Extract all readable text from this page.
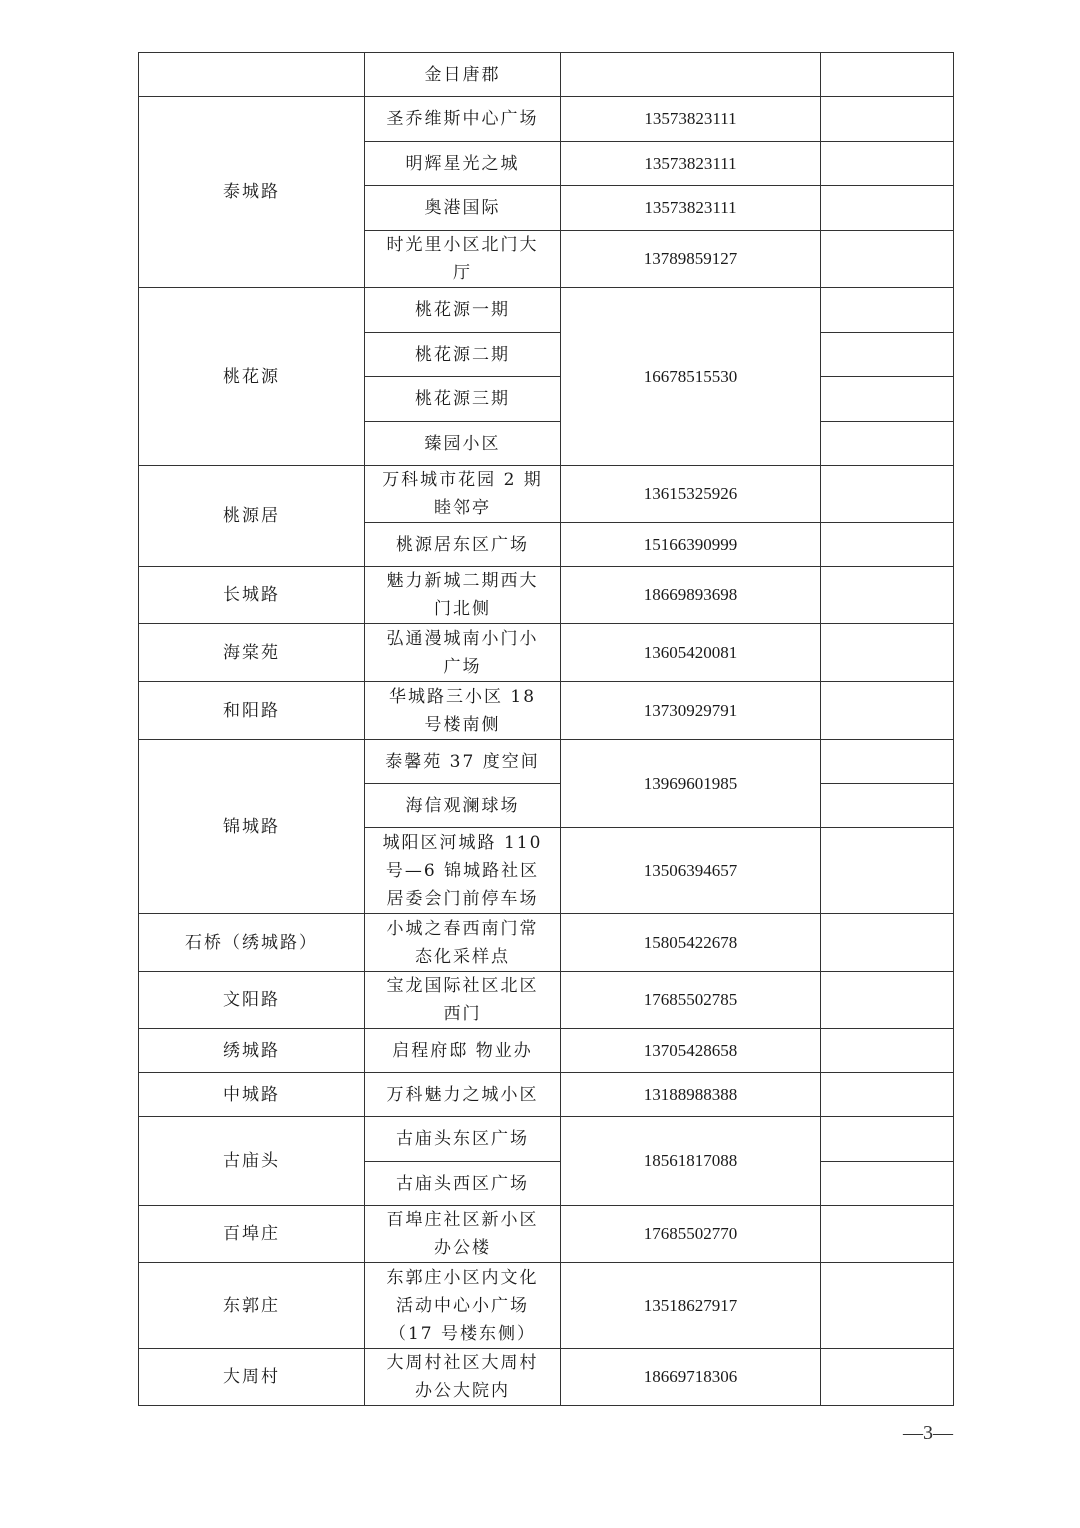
	金日唐郡		
泰城路	圣乔维斯中心广场	13573823111	
	明辉星光之城	13573823111	
	奥港国际	13573823111	
	时光里小区北门大厅	13789859127	
桃花源	桃花源一期	16678515530	
	桃花源二期		
	桃花源三期		
	臻园小区		
桃源居	万科城市花园 2 期睦邻亭	13615325926	
	桃源居东区广场	15166390999	
长城路	魅力新城二期西大门北侧	18669893698	
海棠苑	弘通漫城南小门小广场	13605420081	
和阳路	华城路三小区 18 号楼南侧	13730929791	
锦城路	泰馨苑 37 度空间	13969601985	
	海信观澜球场		
	城阳区河城路 110 号—6 锦城路社区居委会门前停车场	13506394657	
石桥（绣城路）	小城之春西南门常态化采样点	15805422678	
文阳路	宝龙国际社区北区西门	17685502785	
绣城路	启程府邸 物业办	13705428658	
中城路	万科魅力之城小区	13188988388	
古庙头	古庙头东区广场	18561817088	
	古庙头西区广场		
百埠庄	百埠庄社区新小区办公楼	17685502770	
东郭庄	东郭庄小区内文化活动中心小广场（17 号楼东侧）	13518627917	
大周村	大周村社区大周村办公大院内	18669718306	
—3—
